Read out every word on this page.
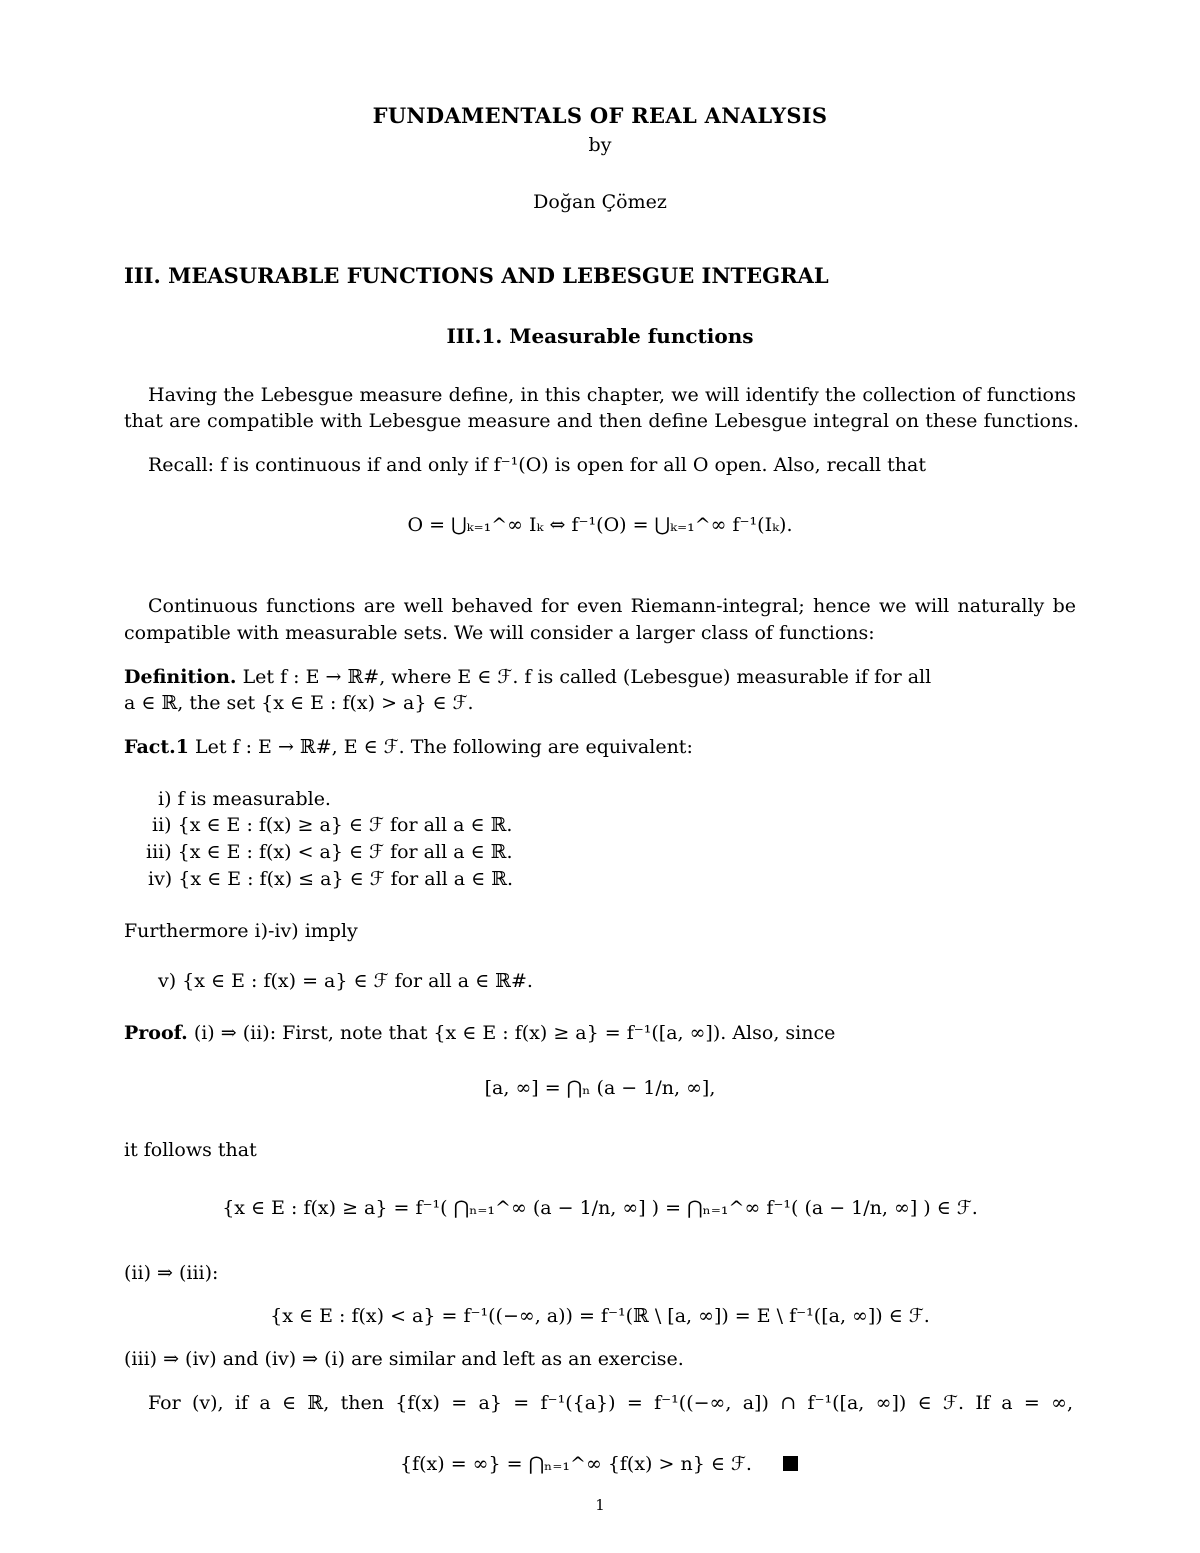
FUNDAMENTALS OF REAL ANALYSIS
by
Doğan Çömez
III. MEASURABLE FUNCTIONS AND LEBESGUE INTEGRAL
III.1. Measurable functions
Having the Lebesgue measure define, in this chapter, we will identify the collection of functions
that are compatible with Lebesgue measure and then define Lebesgue integral on these functions.
Recall: f is continuous if and only if f⁻¹(O) is open for all O open. Also, recall that
O = ⋃ₖ₌₁^∞ Iₖ ⇔ f⁻¹(O) = ⋃ₖ₌₁^∞ f⁻¹(Iₖ).
Continuous functions are well behaved for even Riemann-integral; hence we will naturally be
compatible with measurable sets. We will consider a larger class of functions:
Definition. Let f : E → ℝ#, where E ∈ ℱ. f is called (Lebesgue) measurable if for all
a ∈ ℝ, the set {x ∈ E : f(x) > a} ∈ ℱ.
Fact.1 Let f : E → ℝ#, E ∈ ℱ. The following are equivalent:
i) f is measurable.
ii) {x ∈ E : f(x) ≥ a} ∈ ℱ for all a ∈ ℝ.
iii) {x ∈ E : f(x) < a} ∈ ℱ for all a ∈ ℝ.
iv) {x ∈ E : f(x) ≤ a} ∈ ℱ for all a ∈ ℝ.
Furthermore i)-iv) imply
v) {x ∈ E : f(x) = a} ∈ ℱ for all a ∈ ℝ#.
Proof. (i) ⇒ (ii): First, note that {x ∈ E : f(x) ≥ a} = f⁻¹([a, ∞]). Also, since
[a, ∞] = ⋂ₙ (a − 1/n, ∞],
it follows that
{x ∈ E : f(x) ≥ a} = f⁻¹( ⋂ₙ₌₁^∞ (a − 1/n, ∞] ) = ⋂ₙ₌₁^∞ f⁻¹( (a − 1/n, ∞] ) ∈ ℱ.
(ii) ⇒ (iii):
{x ∈ E : f(x) < a} = f⁻¹((−∞, a)) = f⁻¹(ℝ \ [a, ∞]) = E \ f⁻¹([a, ∞]) ∈ ℱ.
(iii) ⇒ (iv) and (iv) ⇒ (i) are similar and left as an exercise.
For (v), if a ∈ ℝ, then {f(x) = a} = f⁻¹({a}) = f⁻¹((−∞, a]) ∩ f⁻¹([a, ∞]) ∈ ℱ. If a = ∞,
{f(x) = ∞} = ⋂ₙ₌₁^∞ {f(x) > n} ∈ ℱ.
1
